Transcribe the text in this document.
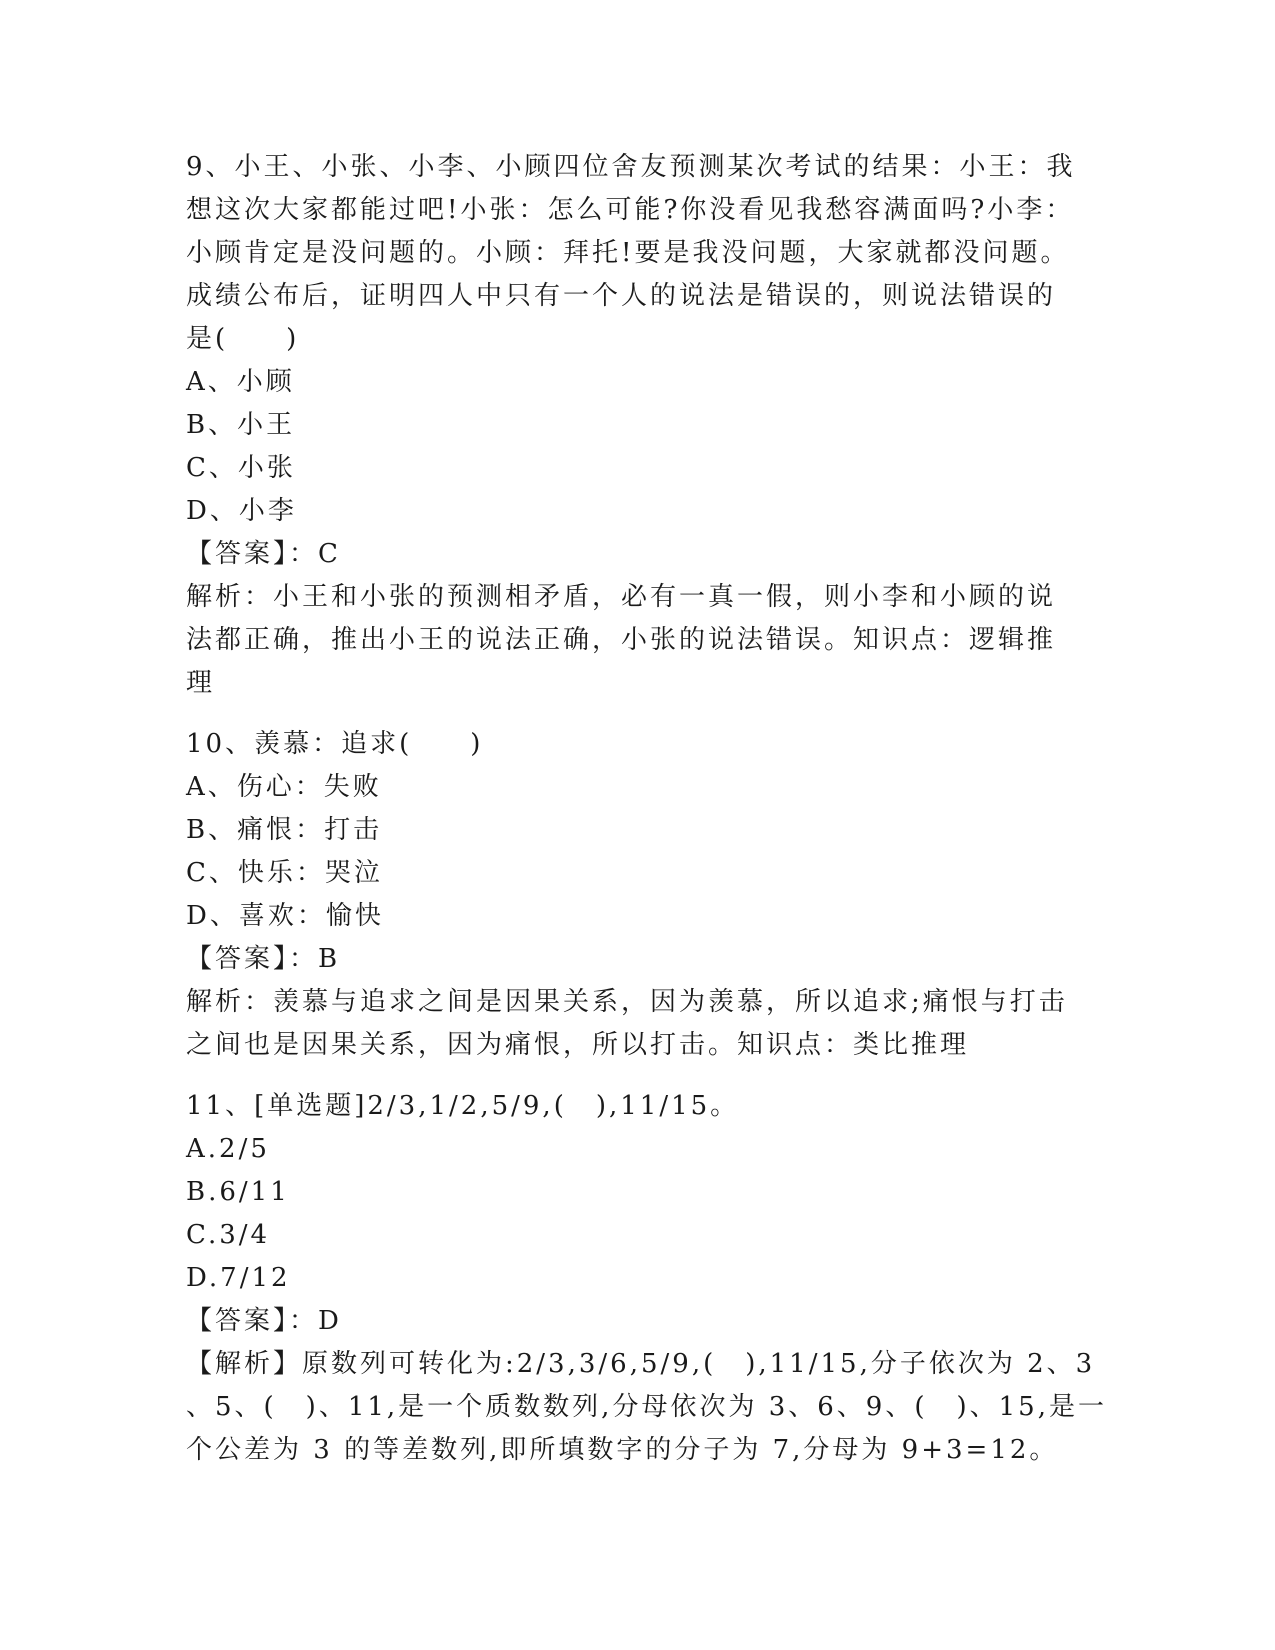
9、小王、小张、小李、小顾四位舍友预测某次考试的结果：小王：我
想这次大家都能过吧!小张：怎么可能?你没看见我愁容满面吗?小李：
小顾肯定是没问题的。小顾：拜托!要是我没问题，大家就都没问题。
成绩公布后，证明四人中只有一个人的说法是错误的，则说法错误的
是(　　)
A、小顾
B、小王
C、小张
D、小李
【答案】：C
解析：小王和小张的预测相矛盾，必有一真一假，则小李和小顾的说
法都正确，推出小王的说法正确，小张的说法错误。知识点：逻辑推
理
10、羡慕：追求(　　)
A、伤心：失败
B、痛恨：打击
C、快乐：哭泣
D、喜欢：愉快
【答案】：B
解析：羡慕与追求之间是因果关系，因为羡慕，所以追求;痛恨与打击
之间也是因果关系，因为痛恨，所以打击。知识点：类比推理
11、[单选题]2/3,1/2,5/9,(　),11/15。
A.2/5
B.6/11
C.3/4
D.7/12
【答案】：D
【解析】原数列可转化为:2/3,3/6,5/9,(　),11/15,分子依次为 2、3
、5、(　)、11,是一个质数数列,分母依次为 3、6、9、(　)、15,是一
个公差为 3 的等差数列,即所填数字的分子为 7,分母为 9+3=12。
